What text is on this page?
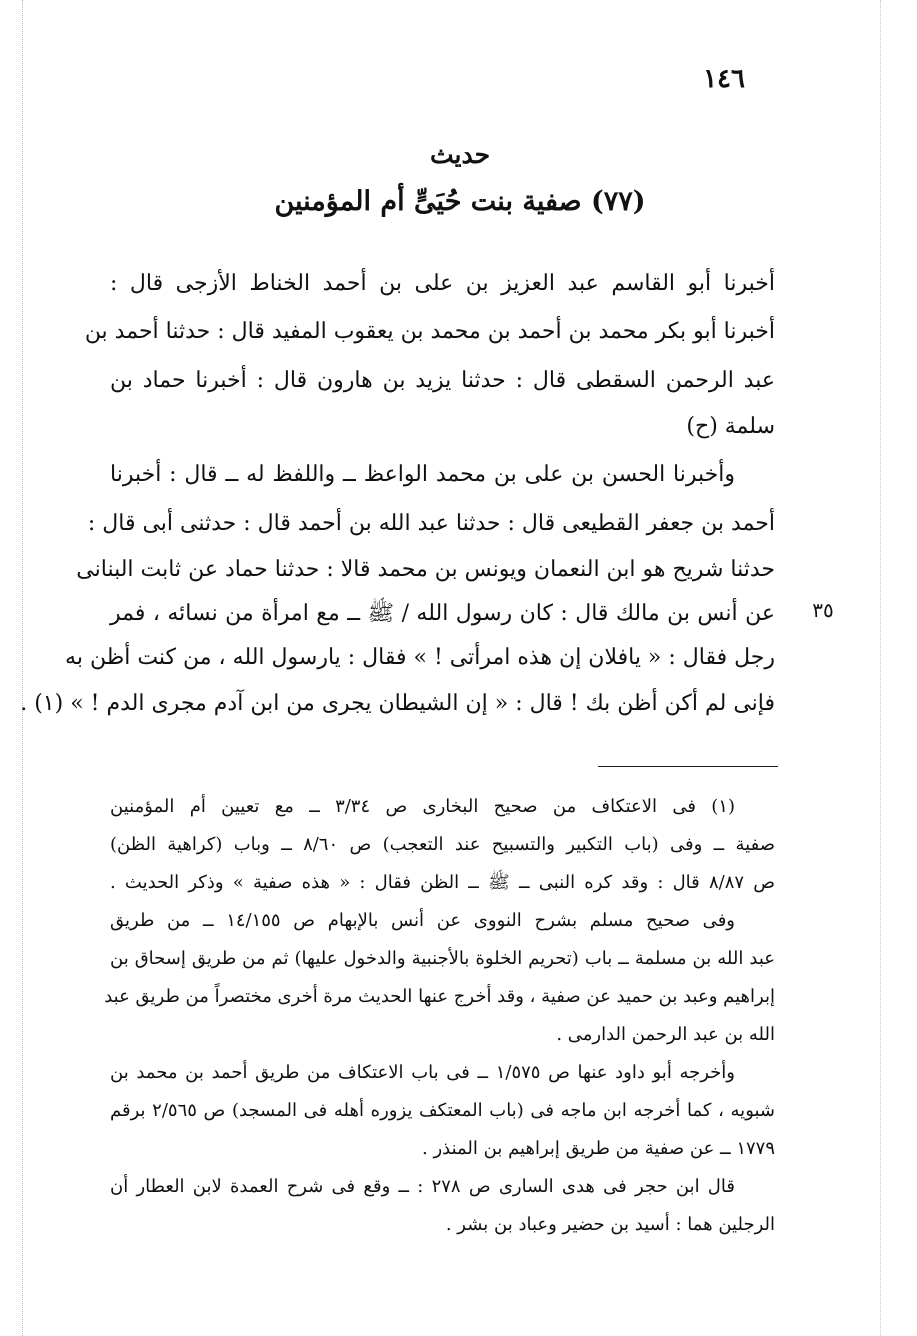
١٤٦
حديث
(٧٧) صفية بنت حُيَىٍّ أم المؤمنين
أخبرنا أبو القاسم عبد العزيز بن على بن أحمد الخناط الأزجى قال :
أخبرنا أبو بكر محمد بن أحمد بن محمد بن يعقوب المفيد قال : حدثنا أحمد بن
عبد الرحمن السقطى قال : حدثنا يزيد بن هارون قال : أخبرنا حماد بن
سلمة (ح)
وأخبرنا الحسن بن على بن محمد الواعظ ــ واللفظ له ــ قال : أخبرنا
أحمد بن جعفر القطيعى قال : حدثنا عبد الله بن أحمد قال : حدثنى أبى قال :
حدثنا شريح هو ابن النعمان ويونس بن محمد قالا : حدثنا حماد عن ثابت البنانى
عن أنس بن مالك قال : كان رسول الله / ﷺ ــ مع امرأة من نسائه ، فمر
رجل فقال : « يافلان إن هذه امرأتى ! » فقال : يارسول الله ، من كنت أظن به
فإنى لم أكن أظن بك ! قال : « إن الشيطان يجرى من ابن آدم مجرى الدم ! » (١) .
٣٥
(١) فى الاعتكاف من صحيح البخارى ص ٣/٣٤ ــ مع تعيين أم المؤمنين
صفية ــ وفى (باب التكبير والتسبيح عند التعجب) ص ٨/٦٠ ــ وباب (كراهية الظن)
ص ٨/٨٧ قال : وقد كره النبى ــ ﷺ ــ الظن فقال : « هذه صفية » وذكر الحديث .
وفى صحيح مسلم بشرح النووى عن أنس بالإبهام ص ١٤/١٥٥ ــ من طريق
عبد الله بن مسلمة ــ باب (تحريم الخلوة بالأجنبية والدخول عليها) ثم من طريق إسحاق بن
إبراهيم وعبد بن حميد عن صفية ، وقد أخرج عنها الحديث مرة أخرى مختصراً من طريق عبد
الله بن عبد الرحمن الدارمى .
وأخرجه أبو داود عنها ص ١/٥٧٥ ــ فى باب الاعتكاف من طريق أحمد بن محمد بن
شبويه ، كما أخرجه ابن ماجه فى (باب المعتكف يزوره أهله فى المسجد) ص ٢/٥٦٥ برقم
١٧٧٩ ــ عن صفية من طريق إبراهيم بن المنذر .
قال ابن حجر فى هدى السارى ص ٢٧٨ : ــ وقع فى شرح العمدة لابن العطار أن
الرجلين هما : أسيد بن حضير وعباد بن بشر .
